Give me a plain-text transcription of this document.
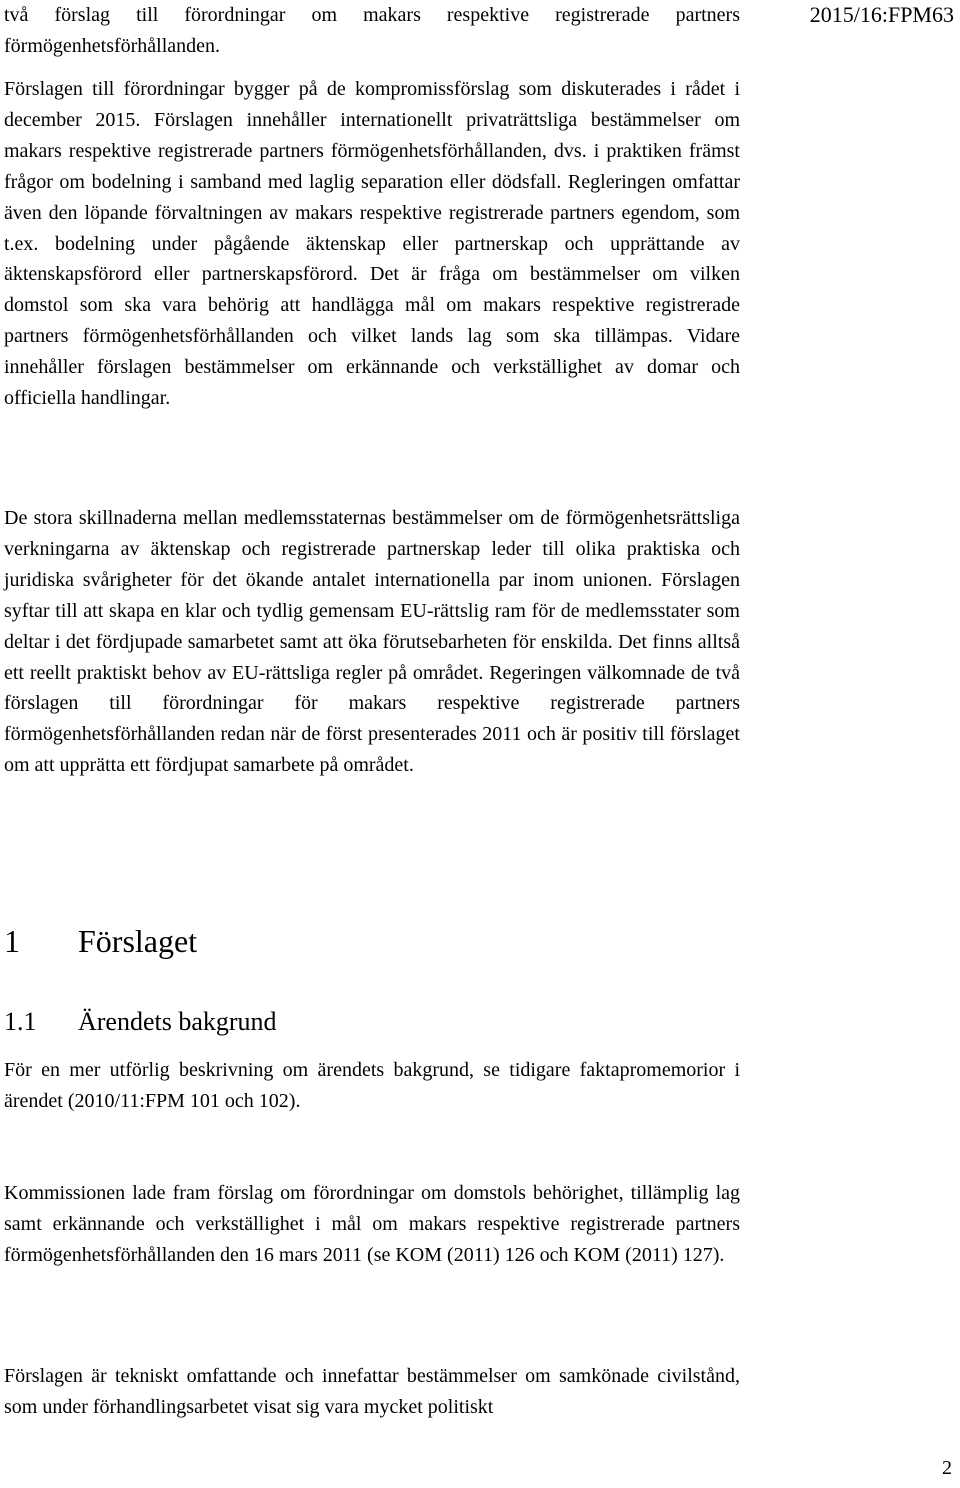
2015/16:FPM63

två förslag till förordningar om makars respektive registrerade partners förmögenhetsförhållanden.

Förslagen till förordningar bygger på de kompromissförslag som diskuterades i rådet i december 2015. Förslagen innehåller internationellt privaträttsliga bestämmelser om makars respektive registrerade partners förmögenhetsförhållanden, dvs. i praktiken främst frågor om bodelning i samband med laglig separation eller dödsfall. Regleringen omfattar även den löpande förvaltningen av makars respektive registrerade partners egendom, som t.ex. bodelning under pågående äktenskap eller partnerskap och upprättande av äktenskapsförord eller partnerskapsförord. Det är fråga om bestämmelser om vilken domstol som ska vara behörig att handlägga mål om makars respektive registrerade partners förmögenhetsförhållanden och vilket lands lag som ska tillämpas. Vidare innehåller förslagen bestämmelser om erkännande och verkställighet av domar och officiella handlingar.

De stora skillnaderna mellan medlemsstaternas bestämmelser om de förmögenhetsrättsliga verkningarna av äktenskap och registrerade partnerskap leder till olika praktiska och juridiska svårigheter för det ökande antalet internationella par inom unionen. Förslagen syftar till att skapa en klar och tydlig gemensam EU-rättslig ram för de medlemsstater som deltar i det fördjupade samarbetet samt att öka förutsebarheten för enskilda. Det finns alltså ett reellt praktiskt behov av EU-rättsliga regler på området. Regeringen välkomnade de två förslagen till förordningar för makars respektive registrerade partners förmögenhetsförhållanden redan när de först presenterades 2011 och är positiv till förslaget om att upprätta ett fördjupat samarbete på området.

1 Förslaget
1.1 Ärendets bakgrund

För en mer utförlig beskrivning om ärendets bakgrund, se tidigare faktapromemorior i ärendet (2010/11:FPM 101 och 102).

Kommissionen lade fram förslag om förordningar om domstols behörighet, tillämplig lag samt erkännande och verkställighet i mål om makars respektive registrerade partners förmögenhetsförhållanden den 16 mars 2011 (se KOM (2011) 126 och KOM (2011) 127).

Förslagen är tekniskt omfattande och innefattar bestämmelser om samkönade civilstånd, som under förhandlingsarbetet visat sig vara mycket politiskt

2
